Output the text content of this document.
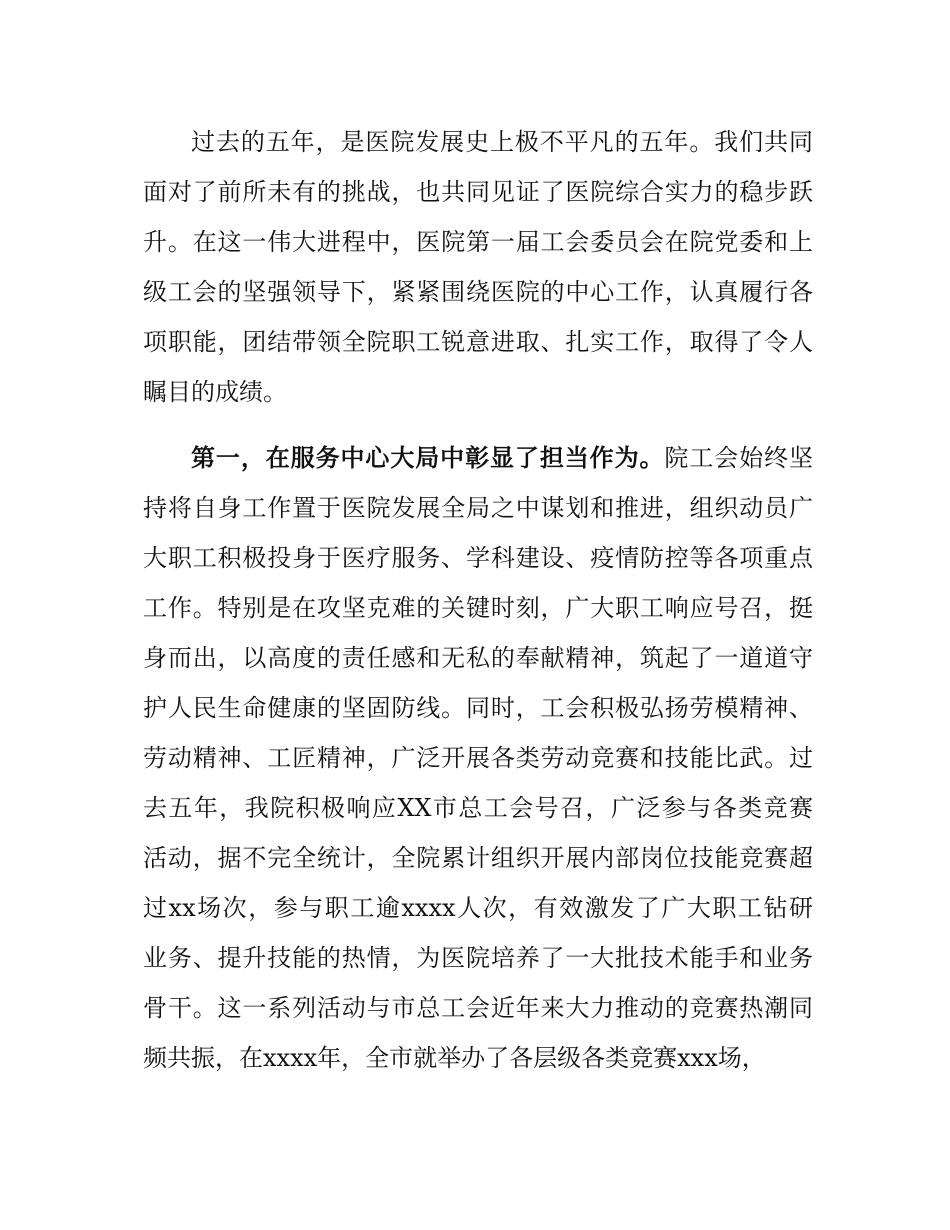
过去的五年，是医院发展史上极不平凡的五年。我们共同

面对了前所未有的挑战，也共同见证了医院综合实力的稳步跃

升。在这一伟大进程中，医院第一届工会委员会在院党委和上

级工会的坚强领导下，紧紧围绕医院的中心工作，认真履行各

项职能，团结带领全院职工锐意进取、扎实工作，取得了令人

瞩目的成绩。

第一，在服务中心大局中彰显了担当作为。院工会始终坚

持将自身工作置于医院发展全局之中谋划和推进，组织动员广

大职工积极投身于医疗服务、学科建设、疫情防控等各项重点

工作。特别是在攻坚克难的关键时刻，广大职工响应号召，挺

身而出，以高度的责任感和无私的奉献精神，筑起了一道道守

护人民生命健康的坚固防线。同时，工会积极弘扬劳模精神、

劳动精神、工匠精神，广泛开展各类劳动竞赛和技能比武。过

去五年，我院积极响应XX市总工会号召，广泛参与各类竞赛

活动，据不完全统计，全院累计组织开展内部岗位技能竞赛超

过xx场次，参与职工逾xxxx人次，有效激发了广大职工钻研

业务、提升技能的热情，为医院培养了一大批技术能手和业务

骨干。这一系列活动与市总工会近年来大力推动的竞赛热潮同

频共振，在xxxx年，全市就举办了各层级各类竞赛xxx场，
